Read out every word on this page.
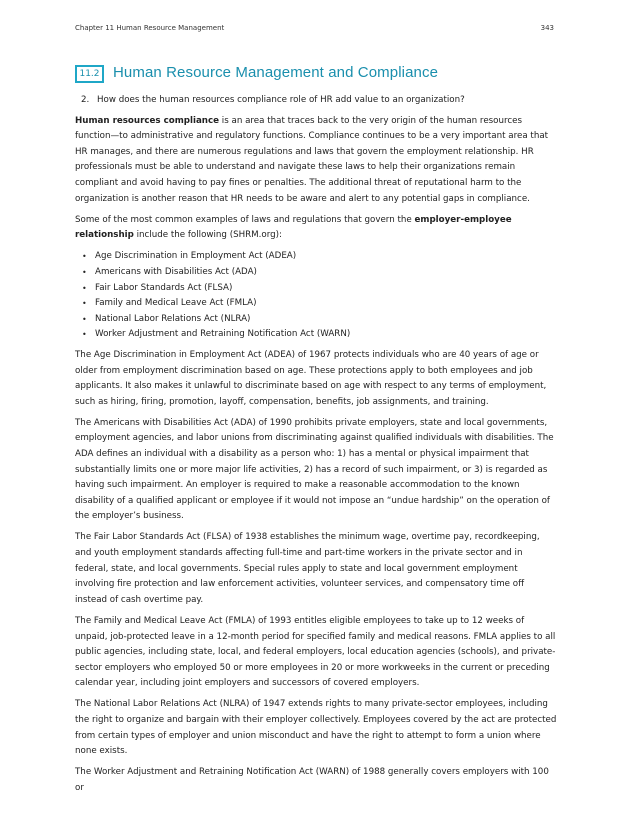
Chapter 11 Human Resource Management	343
11.2 Human Resource Management and Compliance
2. How does the human resources compliance role of HR add value to an organization?

Human resources compliance is an area that traces back to the very origin of the human resources function—to administrative and regulatory functions. Compliance continues to be a very important area that HR manages, and there are numerous regulations and laws that govern the employment relationship. HR professionals must be able to understand and navigate these laws to help their organizations remain compliant and avoid having to pay fines or penalties. The additional threat of reputational harm to the organization is another reason that HR needs to be aware and alert to any potential gaps in compliance.

Some of the most common examples of laws and regulations that govern the employer-employee relationship include the following (SHRM.org):

• Age Discrimination in Employment Act (ADEA)
• Americans with Disabilities Act (ADA)
• Fair Labor Standards Act (FLSA)
• Family and Medical Leave Act (FMLA)
• National Labor Relations Act (NLRA)
• Worker Adjustment and Retraining Notification Act (WARN)

The Age Discrimination in Employment Act (ADEA) of 1967 protects individuals who are 40 years of age or older from employment discrimination based on age. These protections apply to both employees and job applicants. It also makes it unlawful to discriminate based on age with respect to any terms of employment, such as hiring, firing, promotion, layoff, compensation, benefits, job assignments, and training.

The Americans with Disabilities Act (ADA) of 1990 prohibits private employers, state and local governments, employment agencies, and labor unions from discriminating against qualified individuals with disabilities. The ADA defines an individual with a disability as a person who: 1) has a mental or physical impairment that substantially limits one or more major life activities, 2) has a record of such impairment, or 3) is regarded as having such impairment. An employer is required to make a reasonable accommodation to the known disability of a qualified applicant or employee if it would not impose an “undue hardship” on the operation of the employer’s business.

The Fair Labor Standards Act (FLSA) of 1938 establishes the minimum wage, overtime pay, recordkeeping, and youth employment standards affecting full-time and part-time workers in the private sector and in federal, state, and local governments. Special rules apply to state and local government employment involving fire protection and law enforcement activities, volunteer services, and compensatory time off instead of cash overtime pay.

The Family and Medical Leave Act (FMLA) of 1993 entitles eligible employees to take up to 12 weeks of unpaid, job-protected leave in a 12-month period for specified family and medical reasons. FMLA applies to all public agencies, including state, local, and federal employers, local education agencies (schools), and private-sector employers who employed 50 or more employees in 20 or more workweeks in the current or preceding calendar year, including joint employers and successors of covered employers.

The National Labor Relations Act (NLRA) of 1947 extends rights to many private-sector employees, including the right to organize and bargain with their employer collectively. Employees covered by the act are protected from certain types of employer and union misconduct and have the right to attempt to form a union where none exists.

The Worker Adjustment and Retraining Notification Act (WARN) of 1988 generally covers employers with 100 or
